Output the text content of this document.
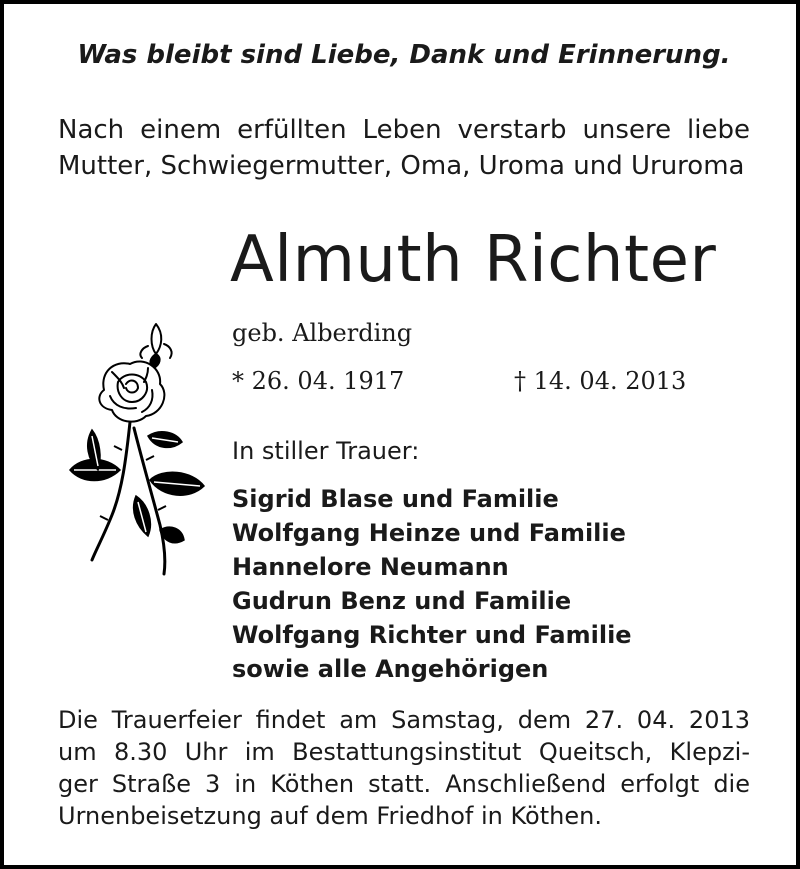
Was bleibt sind Liebe, Dank und Erinnerung.
Nach einem erfüllten Leben verstarb unsere liebe
Mutter, Schwiegermutter, Oma, Uroma und Ururoma
Almuth Richter
geb. Alberding
* 26. 04. 1917	† 14. 04. 2013
In stiller Trauer:
Sigrid Blase und Familie
Wolfgang Heinze und Familie
Hannelore Neumann
Gudrun Benz und Familie
Wolfgang Richter und Familie
sowie alle Angehörigen
Die Trauerfeier findet am Samstag, dem 27. 04. 2013
um 8.30 Uhr im Bestattungsinstitut Queitsch, Klepzi-
ger Straße 3 in Köthen statt. Anschließend erfolgt die
Urnenbeisetzung auf dem Friedhof in Köthen.
